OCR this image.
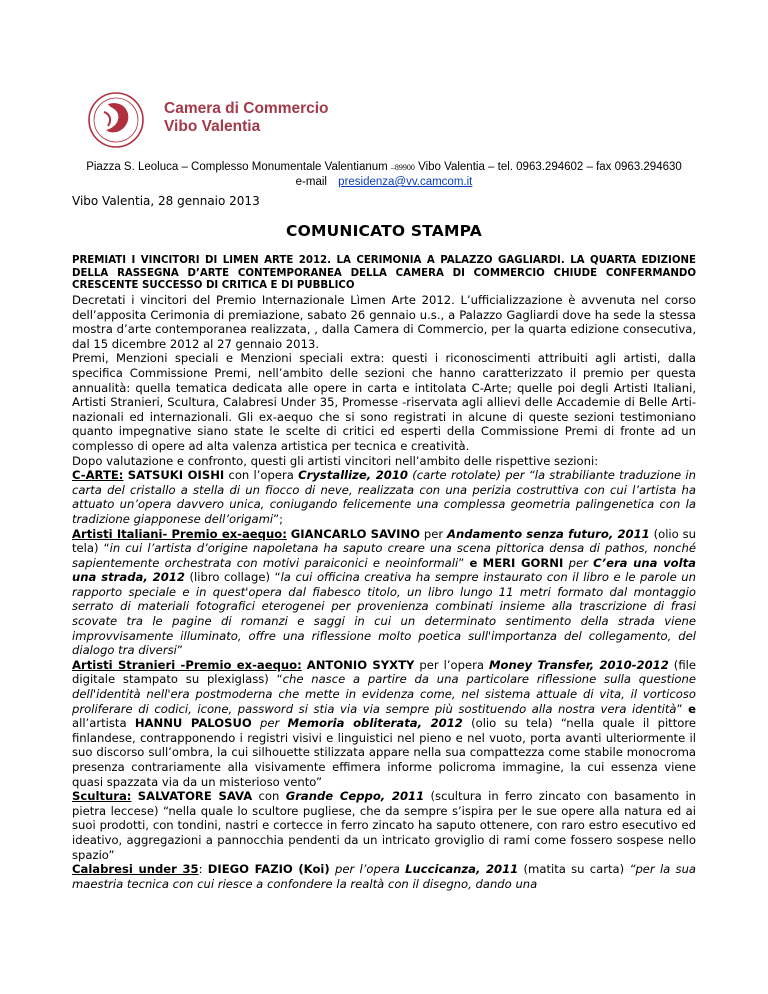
Camera di Commercio
Vibo Valentia
Piazza S. Leoluca – Complesso Monumentale Valentianum –89900 Vibo Valentia – tel. 0963.294602 – fax 0963.294630
e-mail presidenza@vv.camcom.it
Vibo Valentia, 28 gennaio 2013
COMUNICATO STAMPA
PREMIATI I VINCITORI DI LIMEN ARTE 2012. LA CERIMONIA A PALAZZO GAGLIARDI. LA QUARTA EDIZIONE DELLA RASSEGNA D’ARTE CONTEMPORANEA DELLA CAMERA DI COMMERCIO CHIUDE CONFERMANDO CRESCENTE SUCCESSO DI CRITICA E DI PUBBLICO

Decretati i vincitori del Premio Internazionale Lìmen Arte 2012. L’ufficializzazione è avvenuta nel corso dell’apposita Cerimonia di premiazione, sabato 26 gennaio u.s., a Palazzo Gagliardi dove ha sede la stessa mostra d’arte contemporanea realizzata, , dalla Camera di Commercio, per la quarta edizione consecutiva, dal 15 dicembre 2012 al 27 gennaio 2013.

Premi, Menzioni speciali e Menzioni speciali extra: questi i riconoscimenti attribuiti agli artisti, dalla specifica Commissione Premi, nell’ambito delle sezioni che hanno caratterizzato il premio per questa annualità: quella tematica dedicata alle opere in carta e intitolata C-Arte; quelle poi degli Artisti Italiani, Artisti Stranieri, Scultura, Calabresi Under 35, Promesse -riservata agli allievi delle Accademie di Belle Arti- nazionali ed internazionali. Gli ex-aequo che si sono registrati in alcune di queste sezioni testimoniano quanto impegnative siano state le scelte di critici ed esperti della Commissione Premi di fronte ad un complesso di opere ad alta valenza artistica per tecnica e creatività.

Dopo valutazione e confronto, questi gli artisti vincitori nell’ambito delle rispettive sezioni:

C-ARTE: SATSUKI OISHI con l’opera Crystallize, 2010 (carte rotolate) per “la strabiliante traduzione in carta del cristallo a stella di un fiocco di neve, realizzata con una perizia costruttiva con cui l’artista ha attuato un’opera davvero unica, coniugando felicemente una complessa geometria palingenetica con la tradizione giapponese dell’origami”;

Artisti Italiani- Premio ex-aequo: GIANCARLO SAVINO per Andamento senza futuro, 2011 (olio su tela) “in cui l’artista d’origine napoletana ha saputo creare una scena pittorica densa di pathos, nonché sapientemente orchestrata con motivi paraiconici e neoinformali” e MERI GORNI per C’era una volta una strada, 2012 (libro collage) “la cui officina creativa ha sempre instaurato con il libro e le parole un rapporto speciale e in quest'opera dal fiabesco titolo, un libro lungo 11 metri formato dal montaggio serrato di materiali fotografici eterogenei per provenienza combinati insieme alla trascrizione di frasi scovate tra le pagine di romanzi e saggi in cui un determinato sentimento della strada viene improvvisamente illuminato, offre una riflessione molto poetica sull'importanza del collegamento, del dialogo tra diversi”

Artisti Stranieri -Premio ex-aequo: ANTONIO SYXTY per l’opera Money Transfer, 2010-2012 (file digitale stampato su plexiglass) “che nasce a partire da una particolare riflessione sulla questione dell'identità nell'era postmoderna che mette in evidenza come, nel sistema attuale di vita, il vorticoso proliferare di codici, icone, password si stia via via sempre più sostituendo alla nostra vera identità” e all’artista HANNU PALOSUO per Memoria obliterata, 2012 (olio su tela) “nella quale il pittore finlandese, contrapponendo i registri visivi e linguistici nel pieno e nel vuoto, porta avanti ulteriormente il suo discorso sull’ombra, la cui silhouette stilizzata appare nella sua compattezza come stabile monocroma presenza contrariamente alla visivamente effimera informe policroma immagine, la cui essenza viene quasi spazzata via da un misterioso vento”

Scultura: SALVATORE SAVA con Grande Ceppo, 2011 (scultura in ferro zincato con basamento in pietra leccese) “nella quale lo scultore pugliese, che da sempre s’ispira per le sue opere alla natura ed ai suoi prodotti, con tondini, nastri e cortecce in ferro zincato ha saputo ottenere, con raro estro esecutivo ed ideativo, aggregazioni a pannocchia pendenti da un intricato groviglio di rami come fossero sospese nello spazio”

Calabresi under 35: DIEGO FAZIO (Koi) per l’opera Luccicanza, 2011 (matita su carta) “per la sua maestria tecnica con cui riesce a confondere la realtà con il disegno, dando una
